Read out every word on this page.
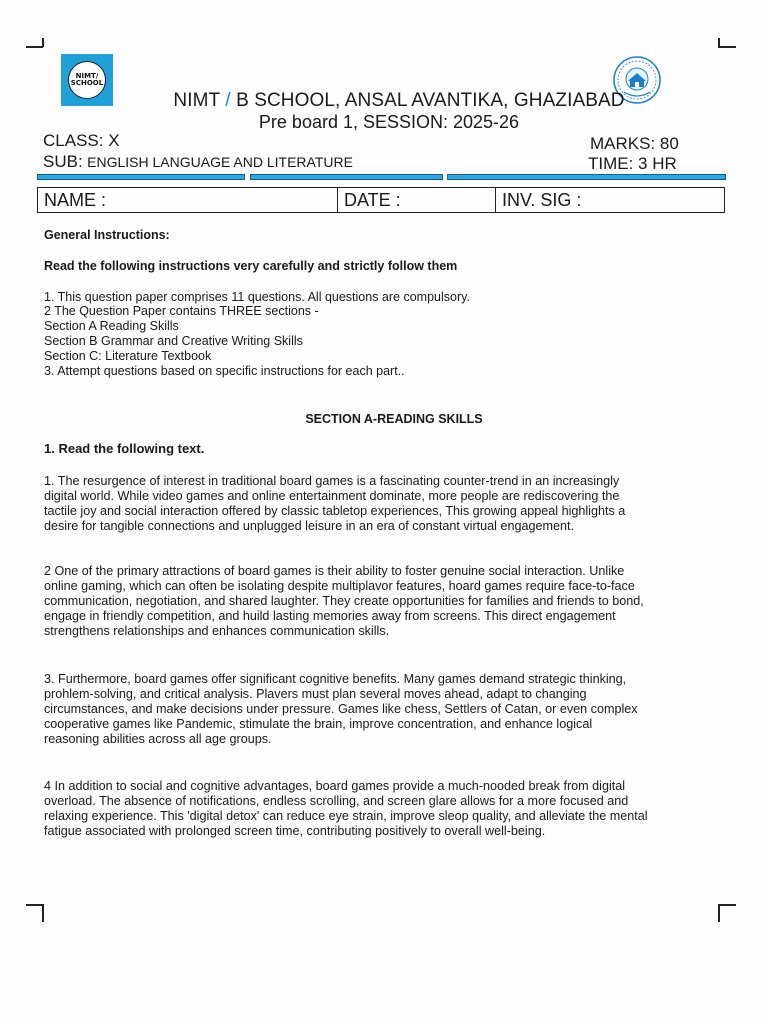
NIMT/
SCHOOL
NIMT / B SCHOOL, ANSAL AVANTIKA, GHAZIABAD
Pre board 1, SESSION: 2025-26
CLASS: X
SUB: ENGLISH LANGUAGE AND LITERATURE
MARKS: 80
TIME: 3 HR
NAME :	DATE :	INV. SIG :
General Instructions:
Read the following instructions very carefully and strictly follow them
1. This question paper comprises 11 questions. All questions are compulsory.
2 The Question Paper contains THREE sections -
Section A Reading Skills
Section B Grammar and Creative Writing Skills
Section C: Literature Textbook
3. Attempt questions based on specific instructions for each part..
SECTION A-READING SKILLS
1. Read the following text.
1. The resurgence of interest in traditional board games is a fascinating counter-trend in an increasingly
digital world. While video games and online entertainment dominate, more people are rediscovering the
tactile joy and social interaction offered by classic tabletop experiences, This growing appeal highlights a
desire for tangible connections and unplugged leisure in an era of constant virtual engagement.
2 One of the primary attractions of board games is their ability to foster genuine social interaction. Unlike
online gaming, which can often be isolating despite multiplavor features, hoard games require face-to-face
communication, negotiation, and shared laughter. They create opportunities for families and friends to bond,
engage in friendly competition, and huild lasting memories away from screens. This direct engagement
strengthens relationships and enhances communication skills.
3. Furthermore, board games offer significant cognitive benefits. Many games demand strategic thinking,
prohlem-solving, and critical analysis. Plavers must plan several moves ahead, adapt to changing
circumstances, and make decisions under pressure. Games like chess, Settlers of Catan, or even complex
cooperative games like Pandemic, stimulate the brain, improve concentration, and enhance logical
reasoning abilities across all age groups.
4 In addition to social and cognitive advantages, board games provide a much-nooded break from digital
overload. The absence of notifications, endless scrolling, and screen glare allows for a more focused and
relaxing experience. This 'digital detox' can reduce eye strain, improve sleop quality, and alleviate the mental
fatigue associated with prolonged screen time, contributing positively to overall well-being.
